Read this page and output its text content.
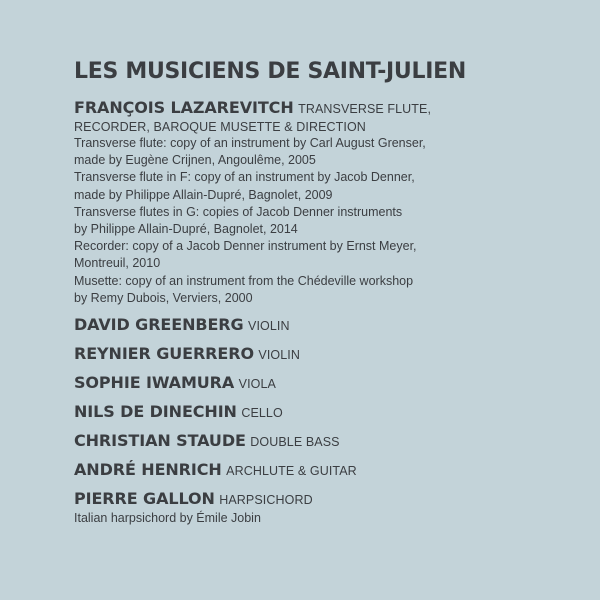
LES MUSICIENS DE SAINT-JULIEN
FRANÇOIS LAZAREVITCH TRANSVERSE FLUTE,
RECORDER, BAROQUE MUSETTE & DIRECTION
Transverse flute: copy of an instrument by Carl August Grenser,
made by Eugène Crijnen, Angoulême, 2005
Transverse flute in F: copy of an instrument by Jacob Denner,
made by Philippe Allain-Dupré, Bagnolet, 2009
Transverse flutes in G: copies of Jacob Denner instruments
by Philippe Allain-Dupré, Bagnolet, 2014
Recorder: copy of a Jacob Denner instrument by Ernst Meyer,
Montreuil, 2010
Musette: copy of an instrument from the Chédeville workshop
by Remy Dubois, Verviers, 2000
DAVID GREENBERG VIOLIN
REYNIER GUERRERO VIOLIN
SOPHIE IWAMURA VIOLA
NILS DE DINECHIN CELLO
CHRISTIAN STAUDE DOUBLE BASS
ANDRÉ HENRICH ARCHLUTE & GUITAR
PIERRE GALLON HARPSICHORD
Italian harpsichord by Émile Jobin
